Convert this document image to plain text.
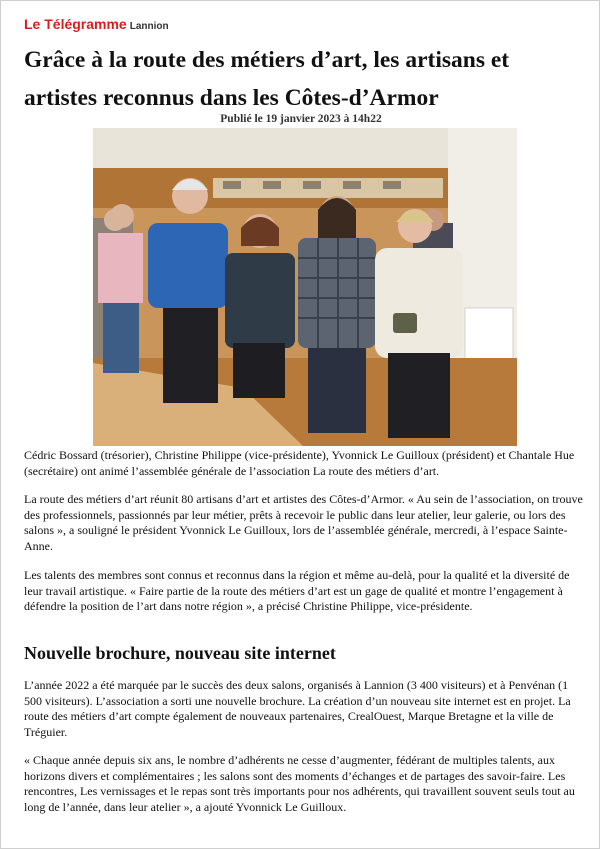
Le Télégramme Lannion
Grâce à la route des métiers d’art, les artisans et artistes reconnus dans les Côtes-d’Armor
Publié le 19 janvier 2023 à 14h22

Cédric Bossard (trésorier), Christine Philippe (vice-présidente), Yvonnick Le Guilloux (président) et Chantale Hue (secrétaire) ont animé l’assemblée générale de l’association La route des métiers d’art.

La route des métiers d’art réunit 80 artisans d’art et artistes des Côtes-d’Armor. « Au sein de l’association, on trouve des professionnels, passionnés par leur métier, prêts à recevoir le public dans leur atelier, leur galerie, ou lors des salons », a souligné le président Yvonnick Le Guilloux, lors de l’assemblée générale, mercredi, à l’espace Sainte-Anne.

Les talents des membres sont connus et reconnus dans la région et même au-delà, pour la qualité et la diversité de leur travail artistique. « Faire partie de la route des métiers d’art est un gage de qualité et montre l’engagement à défendre la position de l’art dans notre région », a précisé Christine Philippe, vice-présidente.

Nouvelle brochure, nouveau site internet

L’année 2022 a été marquée par le succès des deux salons, organisés à Lannion (3 400 visiteurs) et à Penvénan (1 500 visiteurs). L’association a sorti une nouvelle brochure. La création d’un nouveau site internet est en projet. La route des métiers d’art compte également de nouveaux partenaires, CrealOuest, Marque Bretagne et la ville de Tréguier.

« Chaque année depuis six ans, le nombre d’adhérents ne cesse d’augmenter, fédérant de multiples talents, aux horizons divers et complémentaires ; les salons sont des moments d’échanges et de partages des savoir-faire. Les rencontres, Les vernissages et le repas sont très importants pour nos adhérents, qui travaillent souvent seuls tout au long de l’année, dans leur atelier », a ajouté Yvonnick Le Guilloux.
